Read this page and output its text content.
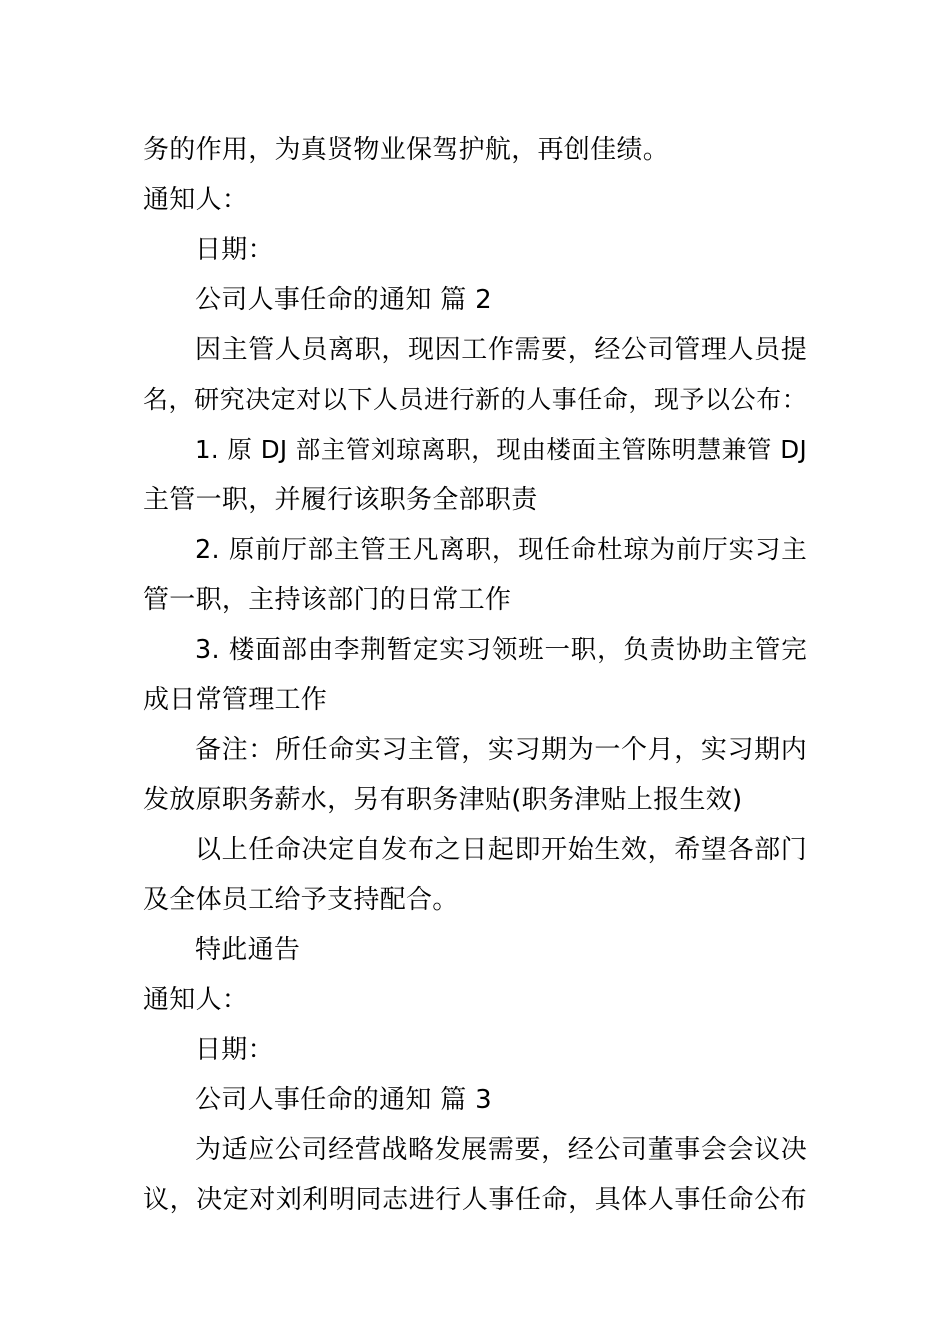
务的作用，为真贤物业保驾护航，再创佳绩。
通知人：
日期：
公司人事任命的通知 篇 2
因主管人员离职，现因工作需要，经公司管理人员提
名，研究决定对以下人员进行新的人事任命，现予以公布：
1. 原 DJ 部主管刘琼离职，现由楼面主管陈明慧兼管 DJ
主管一职，并履行该职务全部职责
2. 原前厅部主管王凡离职，现任命杜琼为前厅实习主
管一职，主持该部门的日常工作
3. 楼面部由李荆暂定实习领班一职，负责协助主管完
成日常管理工作
备注：所任命实习主管，实习期为一个月，实习期内
发放原职务薪水，另有职务津贴(职务津贴上报生效)
以上任命决定自发布之日起即开始生效，希望各部门
及全体员工给予支持配合。
特此通告
通知人：
日期：
公司人事任命的通知 篇 3
为适应公司经营战略发展需要，经公司董事会会议决
议，决定对刘利明同志进行人事任命，具体人事任命公布
